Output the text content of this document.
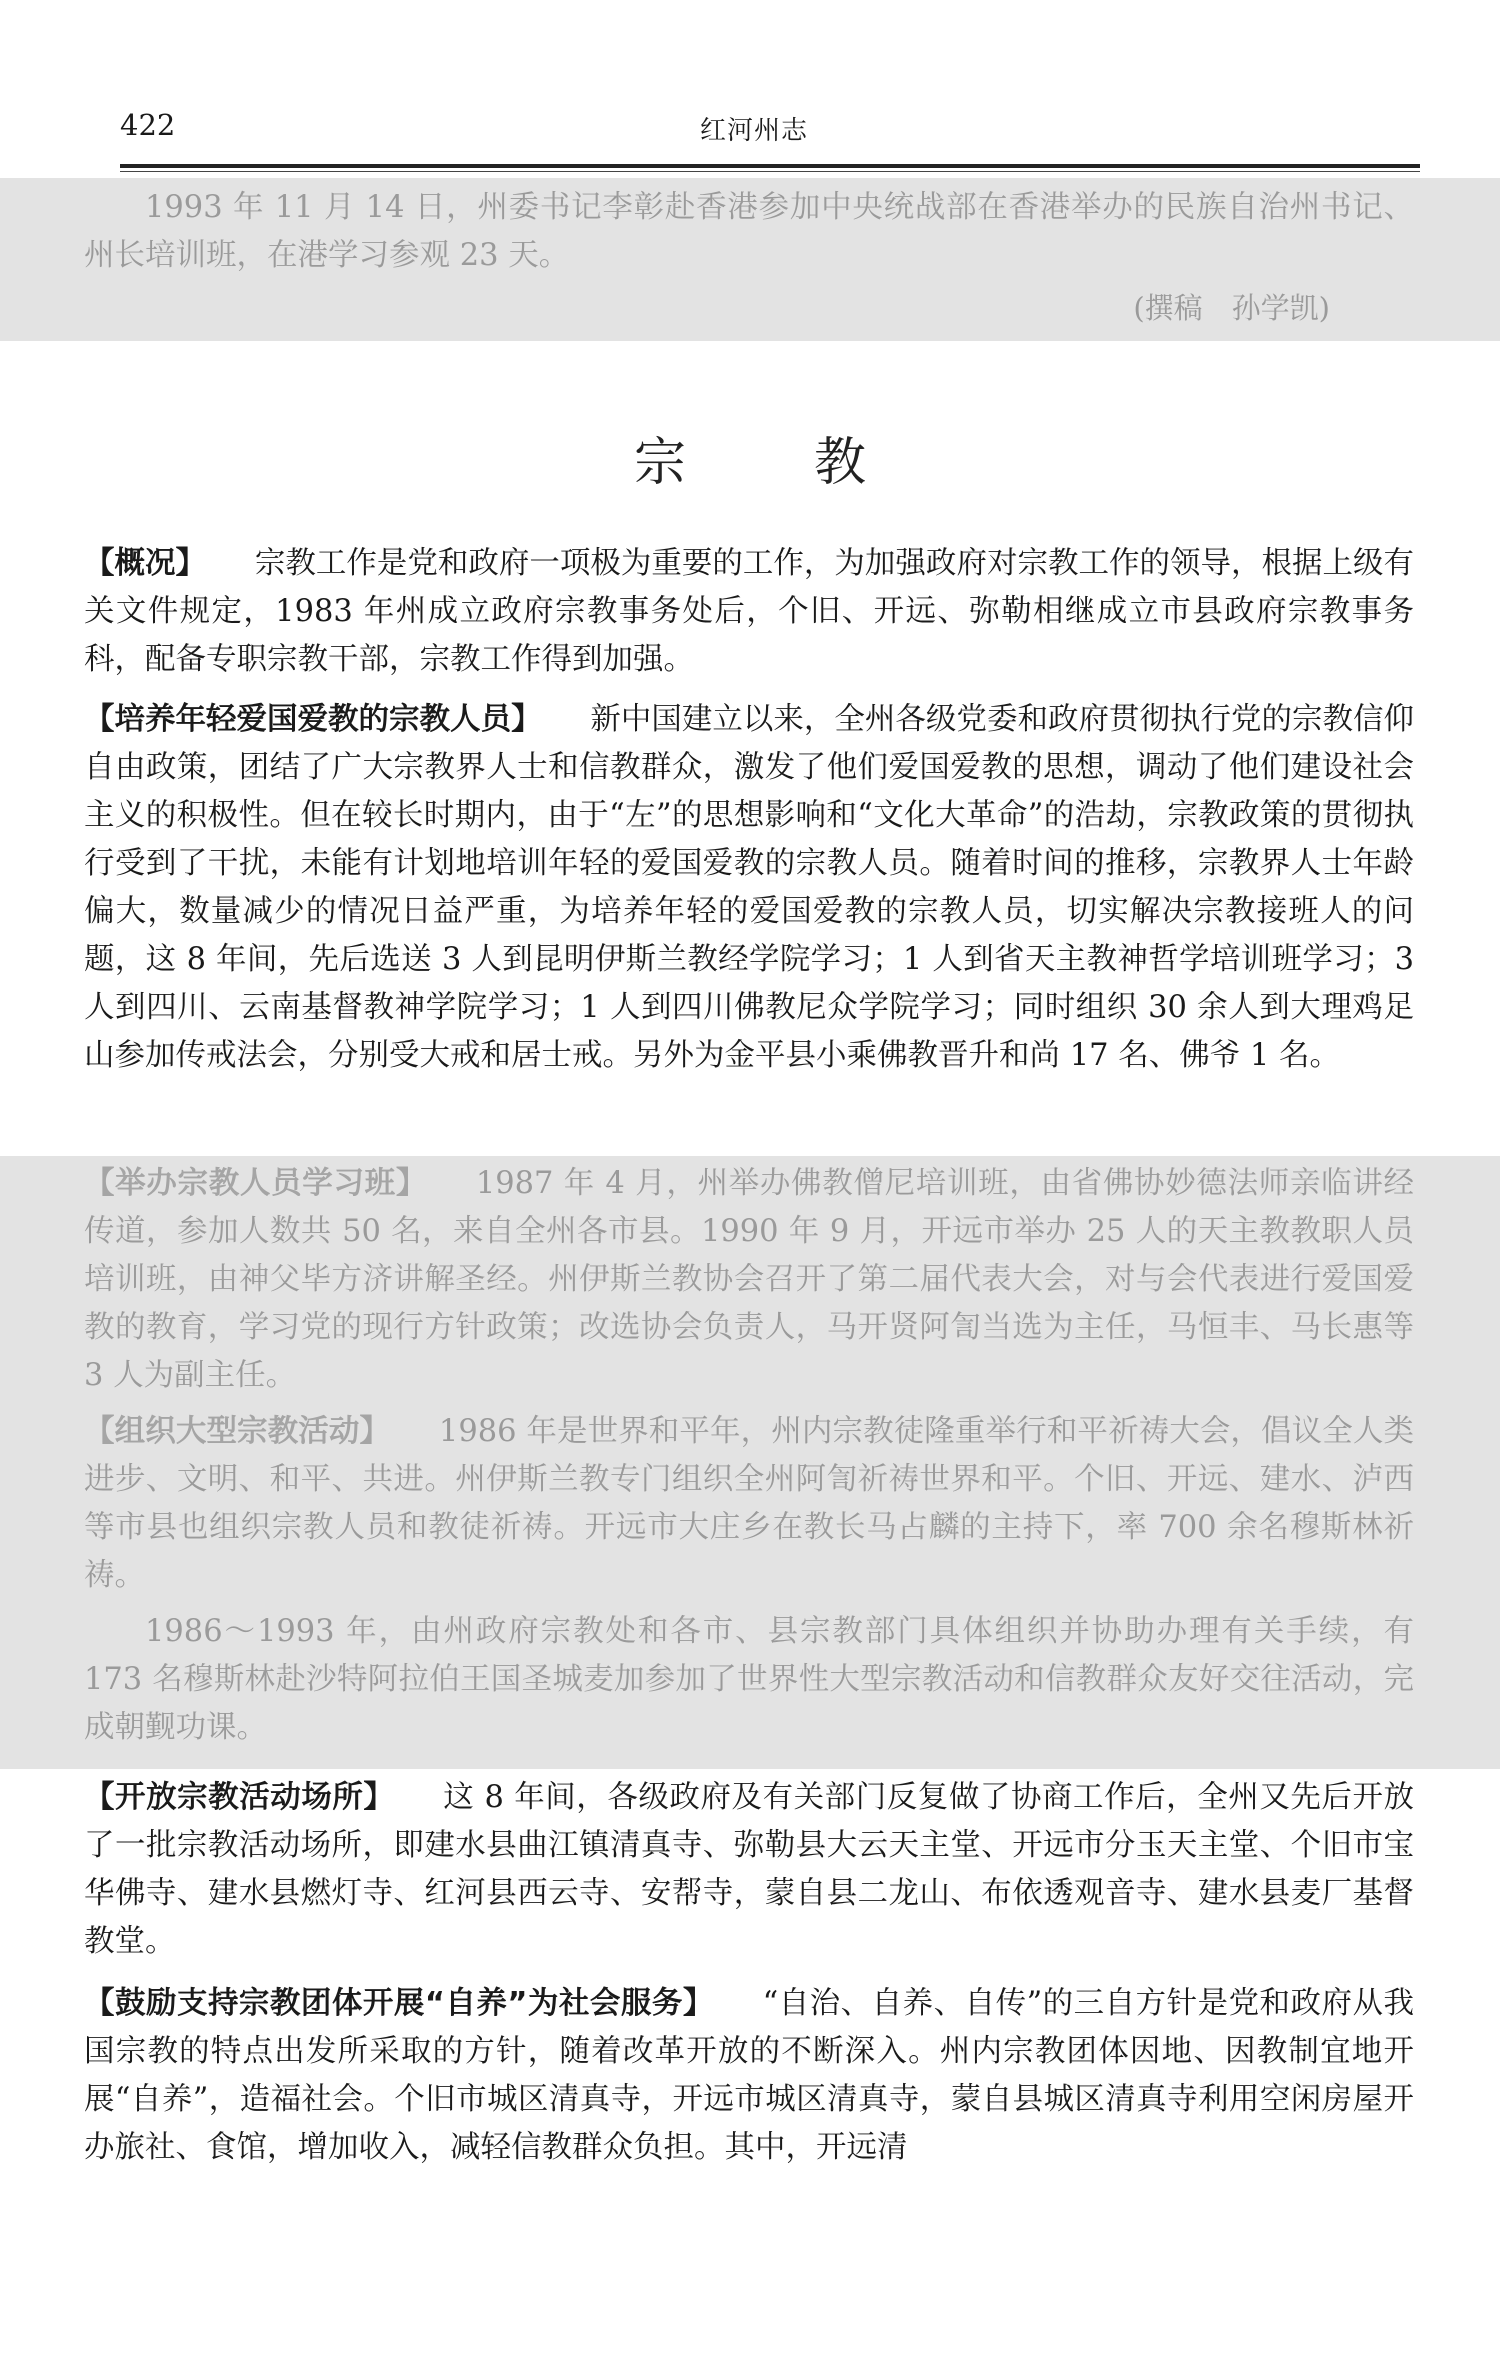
422	红河州志

1993 年 11 月 14 日，州委书记李彰赴香港参加中央统战部在香港举办的民族自治州书记、州长培训班，在港学习参观 23 天。

(撰稿　孙学凯)
宗　教

【概况】 宗教工作是党和政府一项极为重要的工作，为加强政府对宗教工作的领导，根据上级有关文件规定，1983 年州成立政府宗教事务处后，个旧、开远、弥勒相继成立市县政府宗教事务科，配备专职宗教干部，宗教工作得到加强。

【培养年轻爱国爱教的宗教人员】 新中国建立以来，全州各级党委和政府贯彻执行党的宗教信仰自由政策，团结了广大宗教界人士和信教群众，激发了他们爱国爱教的思想，调动了他们建设社会主义的积极性。但在较长时期内，由于“左”的思想影响和“文化大革命”的浩劫，宗教政策的贯彻执行受到了干扰，未能有计划地培训年轻的爱国爱教的宗教人员。随着时间的推移，宗教界人士年龄偏大，数量减少的情况日益严重，为培养年轻的爱国爱教的宗教人员，切实解决宗教接班人的问题，这 8 年间，先后选送 3 人到昆明伊斯兰教经学院学习；1 人到省天主教神哲学培训班学习；3 人到四川、云南基督教神学院学习；1 人到四川佛教尼众学院学习；同时组织 30 余人到大理鸡足山参加传戒法会，分别受大戒和居士戒。另外为金平县小乘佛教晋升和尚 17 名、佛爷 1 名。

【举办宗教人员学习班】 1987 年 4 月，州举办佛教僧尼培训班，由省佛协妙德法师亲临讲经传道，参加人数共 50 名，来自全州各市县。1990 年 9 月，开远市举办 25 人的天主教教职人员培训班，由神父毕方济讲解圣经。州伊斯兰教协会召开了第二届代表大会，对与会代表进行爱国爱教的教育，学习党的现行方针政策；改选协会负责人，马开贤阿訇当选为主任，马恒丰、马长惠等 3 人为副主任。

【组织大型宗教活动】 1986 年是世界和平年，州内宗教徒隆重举行和平祈祷大会，倡议全人类进步、文明、和平、共进。州伊斯兰教专门组织全州阿訇祈祷世界和平。个旧、开远、建水、泸西等市县也组织宗教人员和教徒祈祷。开远市大庄乡在教长马占麟的主持下，率 700 余名穆斯林祈祷。

1986～1993 年，由州政府宗教处和各市、县宗教部门具体组织并协助办理有关手续，有 173 名穆斯林赴沙特阿拉伯王国圣城麦加参加了世界性大型宗教活动和信教群众友好交往活动，完成朝觐功课。

【开放宗教活动场所】 这 8 年间，各级政府及有关部门反复做了协商工作后，全州又先后开放了一批宗教活动场所，即建水县曲江镇清真寺、弥勒县大云天主堂、开远市分玉天主堂、个旧市宝华佛寺、建水县燃灯寺、红河县西云寺、安帮寺，蒙自县二龙山、布依透观音寺、建水县麦厂基督教堂。

【鼓励支持宗教团体开展“自养”为社会服务】 “自治、自养、自传”的三自方针是党和政府从我国宗教的特点出发所采取的方针，随着改革开放的不断深入。州内宗教团体因地、因教制宜地开展“自养”，造福社会。个旧市城区清真寺，开远市城区清真寺，蒙自县城区清真寺利用空闲房屋开办旅社、食馆，增加收入，减轻信教群众负担。其中，开远清
